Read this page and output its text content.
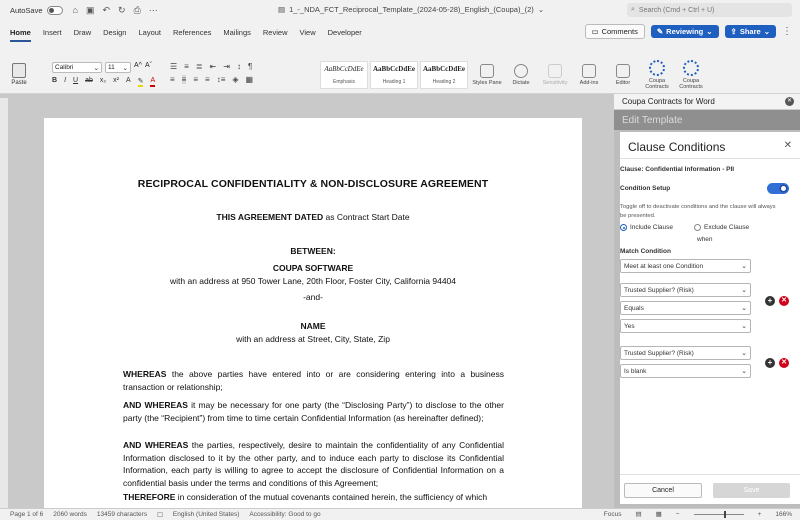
AutoSave	⌂ ▣ ↶ ↻ ⎙ ⋯	▤ 1_-_NDA_FCT_Reciprocal_Template_(2024-05-28)_English_(Coupa)_(2) ⌄	⌕ Search (Cmd + Ctrl + U)
Home	Insert	Draw	Design	Layout	References	Mailings	Review	View	Developer	▭ Comments	✎ Reviewing ⌄ ⇪ Share ⌄ ⋮
Paste
Calibri	⌄ 11 ⌄ A^ Aˇ
B I U ab x₂ x² A ✎ A
☰ ≡ ≣ ⇤ ⇥ ↕ ¶
≡ ≡ ≡ ≡ ↕≡ ◈ ▦
AaBbCcDdEe
Emphasis
AaBbCcDdEe
Heading 1
AaBbCcDdEe
Heading 2	Styles Pane	Dictate	Sensitivity	Add-ins	Editor	Coupa Contracts
Coupa Contracts
RECIPROCAL CONFIDENTIALITY & NON-DISCLOSURE AGREEMENT
THIS AGREEMENT DATED as Contract Start Date
BETWEEN:
COUPA SOFTWARE
with an address at 950 Tower Lane, 20th Floor, Foster City, California 94404
-and-
NAME
with an address at Street, City, State, Zip
WHEREAS the above parties have entered into or are considering entering into a business transaction or relationship;
AND WHEREAS it may be necessary for one party (the “Disclosing Party”) to disclose to the other party (the “Recipient”) from time to time certain Confidential Information (as hereinafter defined);
AND WHEREAS the parties, respectively, desire to maintain the confidentiality of any Confidential Information disclosed to it by the other party, and to induce each party to disclose its Confidential Information, each party is willing to agree to accept the disclosure of Confidential Information on a confidential basis under the terms and conditions of this Agreement;
THEREFORE in consideration of the mutual covenants contained herein, the sufficiency of which
Coupa Contracts for Word	✕
Edit Template
Clause Conditions	✕
Clause: Confidential Information - PII
Condition Setup
Toggle off to deactivate conditions and the clause will always be presented.
Include Clause	Exclude Clause
when
Match Condition
Meet at least one Condition	⌄
Trusted Supplier? (Risk)	⌄
Equals	⌄
Yes	⌄
+	✕
Trusted Supplier? (Risk)	⌄
Is blank	⌄
+	✕
Cancel	Save
Page 1 of 6 2060 words 13459 characters ☐ English (United States) Accessibility: Good to go	Focus ▤ ▦ −	+ 166%
